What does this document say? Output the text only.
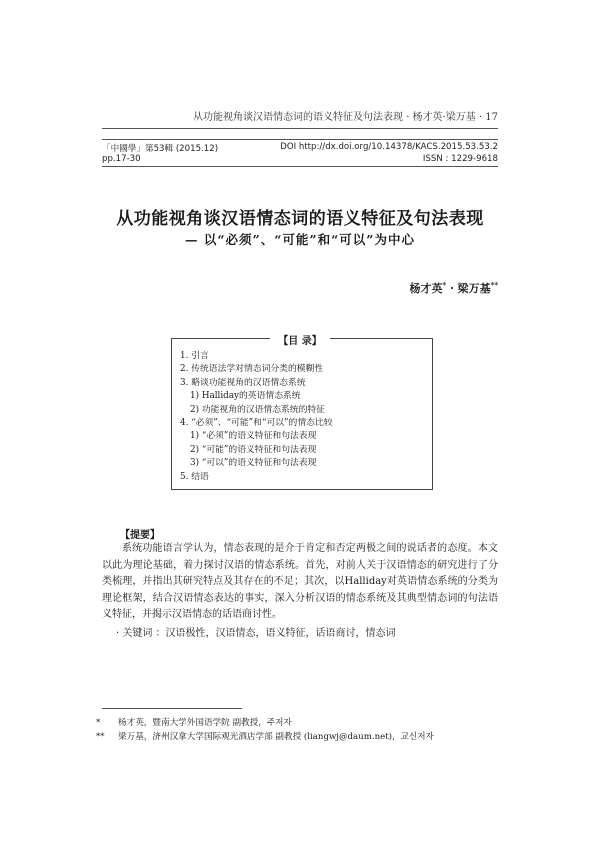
从功能视角谈汉语情态词的语义特征及句法表现 · 杨才英·梁万基 · 17
「中國學」第53輯 (2015.12)	DOI http://dx.doi.org/10.14378/KACS.2015.53.53.2
pp.17-30	ISSN : 1229-9618
从功能视角谈汉语情态词的语义特征及句法表现
— 以“必须”、“可能”和“可以”为中心
杨才英* · 梁万基**
【目 录】
1. 引言
2. 传统语法学对情态词分类的模糊性
3. 略谈功能视角的汉语情态系统
1) Halliday的英语情态系统
2) 功能视角的汉语情态系统的特征
4. “必须”、“可能”和“可以”的情态比较
1) “必须”的语义特征和句法表现
2) “可能”的语义特征和句法表现
3) “可以”的语义特征和句法表现
5. 结语
【提要】

系统功能语言学认为，情态表现的是介于肯定和否定两极之间的说话者的态度。本文以此为理论基础，着力探讨汉语的情态系统。首先，对前人关于汉语情态的研究进行了分类梳理，并指出其研究特点及其存在的不足；其次，以Halliday对英语情态系统的分类为理论框架，结合汉语情态表达的事实，深入分析汉语的情态系统及其典型情态词的句法语义特征，并揭示汉语情态的话语商讨性。

· 关键词 ：汉语极性，汉语情态，语义特征，话语商讨，情态词
*	杨才英，暨南大学外国语学院 副教授，주저자
**	梁万基，济州汉拿大学国际观光酒店学部 副教授 (liangwj@daum.net)，교신저자
